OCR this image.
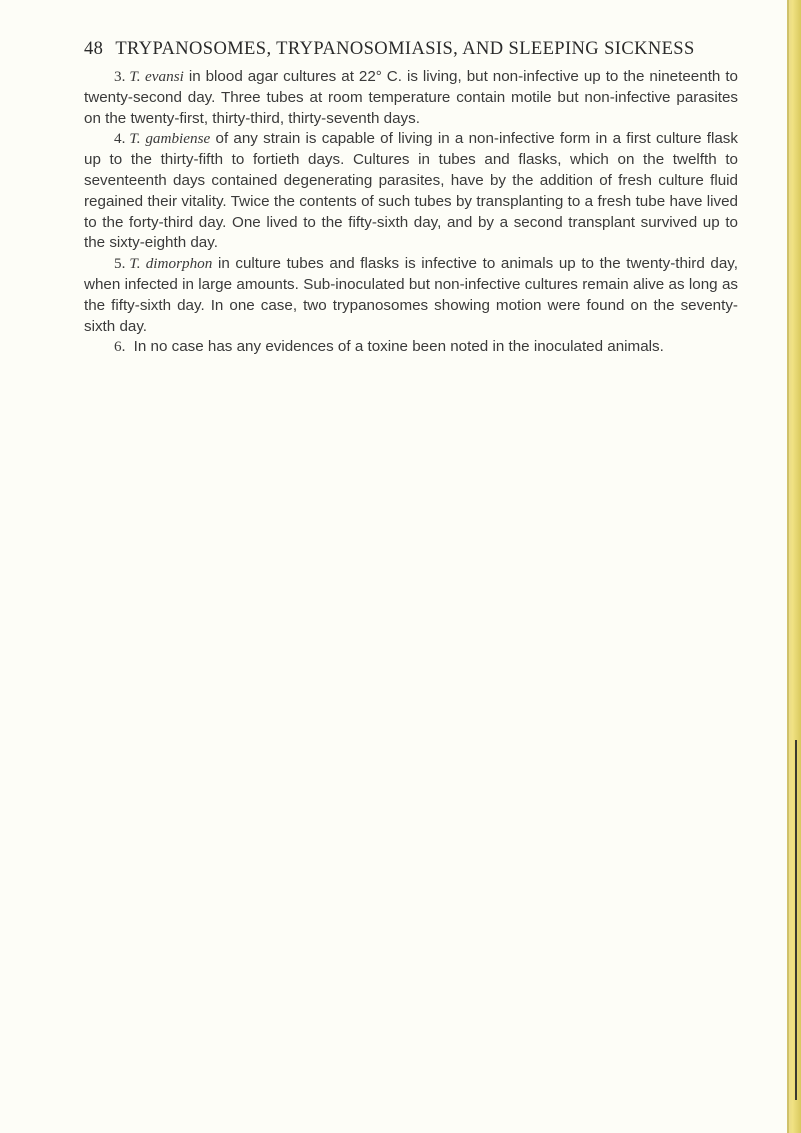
48 TRYPANOSOMES, TRYPANOSOMIASIS, AND SLEEPING SICKNESS

3. T. evansi in blood agar cultures at 22° C. is living, but non-infective up to the nineteenth to twenty-second day. Three tubes at room temperature contain motile but non-infective parasites on the twenty-first, thirty-third, thirty-seventh days.

4. T. gambiense of any strain is capable of living in a non-infective form in a first culture flask up to the thirty-fifth to fortieth days. Cultures in tubes and flasks, which on the twelfth to seventeenth days contained degenerating parasites, have by the addition of fresh culture fluid regained their vitality. Twice the contents of such tubes by transplanting to a fresh tube have lived to the forty-third day. One lived to the fifty-sixth day, and by a second transplant survived up to the sixty-eighth day.

5. T. dimorphon in culture tubes and flasks is infective to animals up to the twenty-third day, when infected in large amounts. Sub-inoculated but non-infective cultures remain alive as long as the fifty-sixth day. In one case, two trypanosomes showing motion were found on the seventy-sixth day.

6. In no case has any evidences of a toxine been noted in the inoculated animals.
